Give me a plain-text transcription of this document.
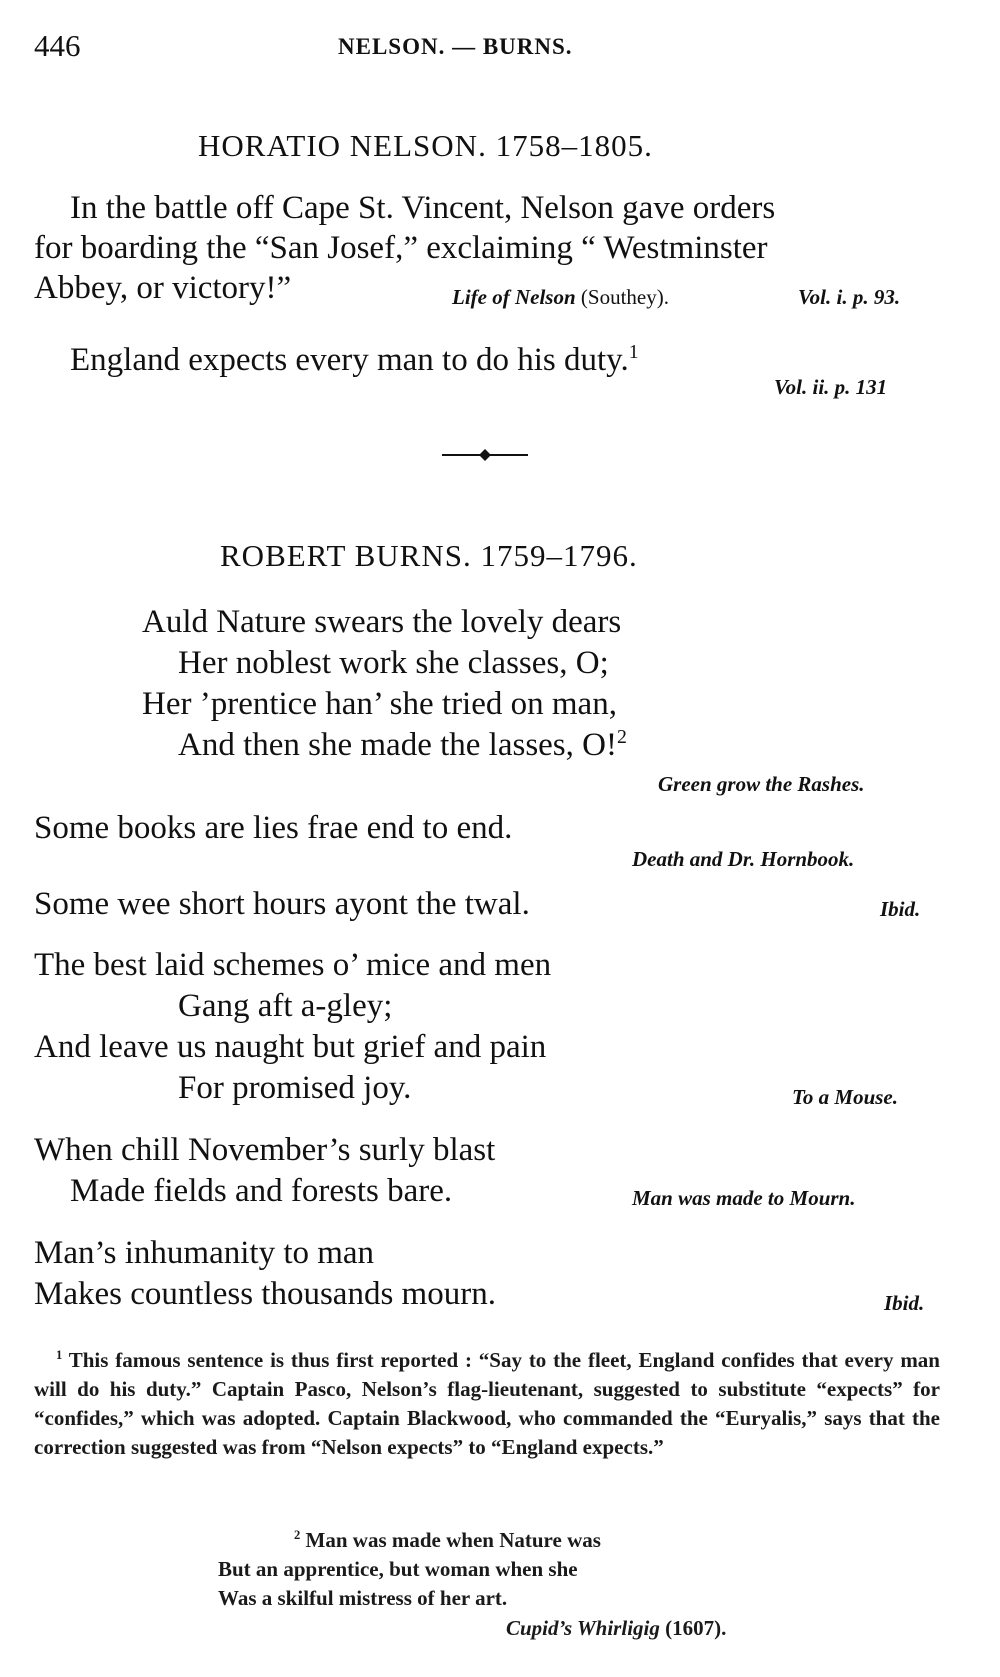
446	NELSON. — BURNS.
HORATIO NELSON. 1758–1805.
In the battle off Cape St. Vincent, Nelson gave orders
for boarding the “San Josef,” exclaiming “ Westminster
Abbey, or victory!”	Life of Nelson (Southey).	Vol. i. p. 93.
England expects every man to do his duty.$^1$
Vol. ii. p. 131
ROBERT BURNS. 1759–1796.
Auld Nature swears the lovely dears
Her noblest work she classes, O;
Her ’prentice han’ she tried on man,
And then she made the lasses, O!$^2$
Green grow the Rashes.
Some books are lies frae end to end.
Death and Dr. Hornbook.
Some wee short hours ayont the twal.	Ibid.
The best laid schemes o’ mice and men
Gang aft a-gley;
And leave us naught but grief and pain
For promised joy.	To a Mouse.
When chill November’s surly blast
Made fields and forests bare.	Man was made to Mourn.
Man’s inhumanity to man
Makes countless thousands mourn.	Ibid.
$^1$ This famous sentence is thus first reported : “Say to the fleet, England confides that every man will do his duty.” Captain Pasco, Nelson’s flag-lieutenant, suggested to substitute “expects” for “confides,” which was adopted. Captain Blackwood, who commanded the “Euryalis,” says that the correction suggested was from “Nelson expects” to “England expects.”
$^2$ Man was made when Nature was
But an apprentice, but woman when she
Was a skilful mistress of her art.
Cupid’s Whirligig (1607).
